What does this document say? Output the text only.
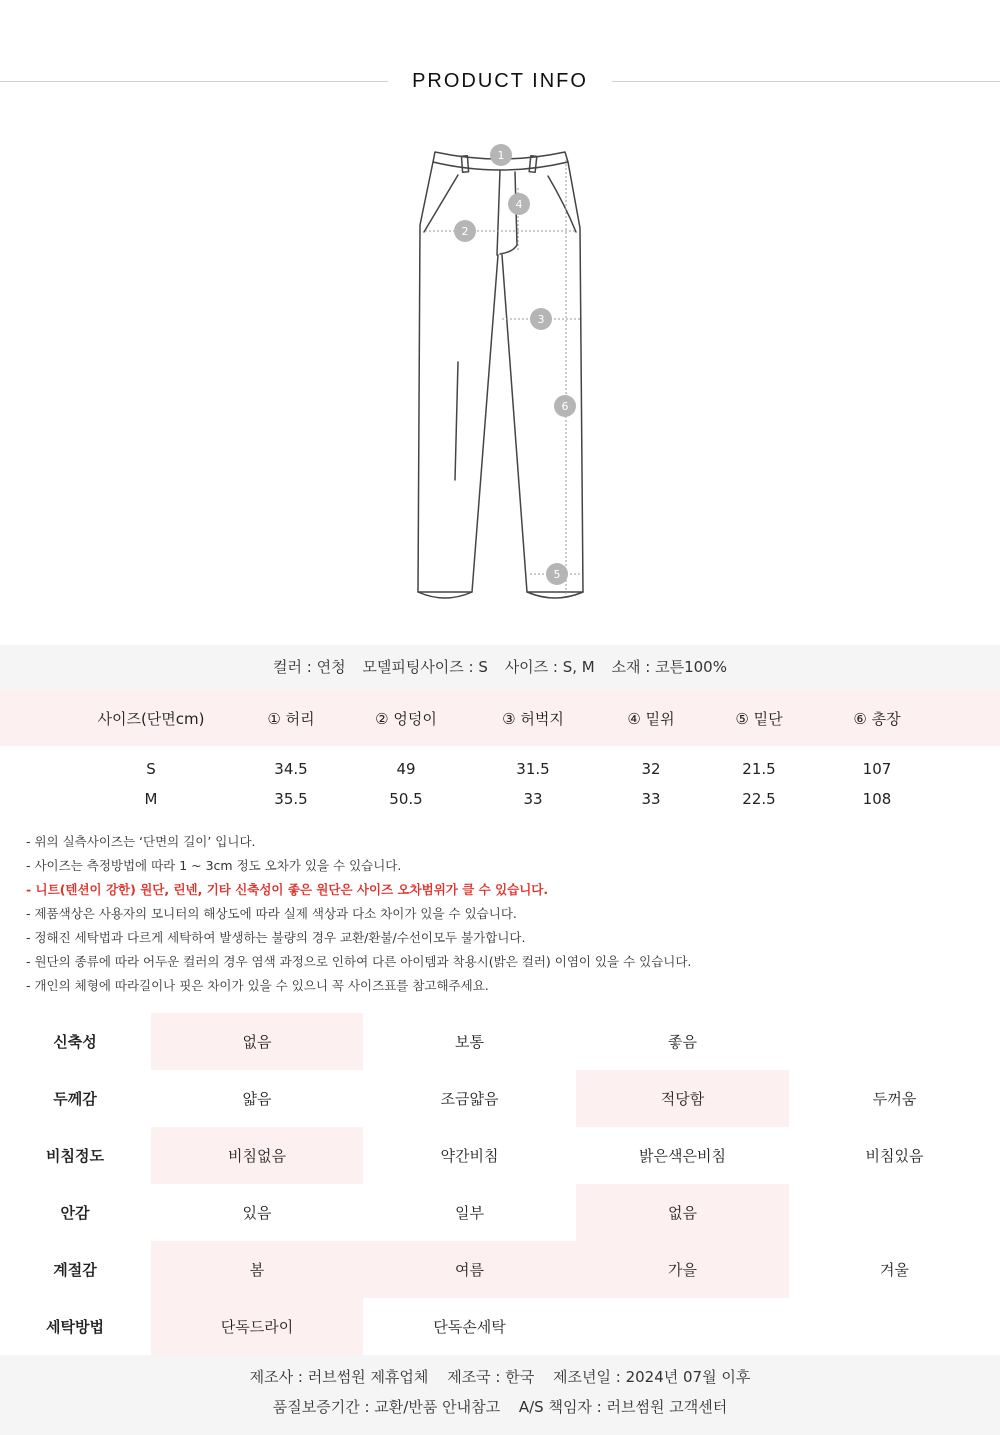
PRODUCT INFO
1
2
3
4
5
6
컬러 : 연청 모델피팅사이즈 : S 사이즈 : S, M 소재 : 코튼100%
사이즈(단면cm)	① 허리	② 엉덩이	③ 허벅지	④ 밑위	⑤ 밑단	⑥ 총장
S	34.5	49	31.5	32	21.5	107
M	35.5	50.5	33	33	22.5	108
- 위의 실측사이즈는 ‘단면의 길이’ 입니다.
- 사이즈는 측정방법에 따라 1 ~ 3cm 정도 오차가 있을 수 있습니다.
- 니트(텐션이 강한) 원단, 린넨, 기타 신축성이 좋은 원단은 사이즈 오차범위가 클 수 있습니다.
- 제품색상은 사용자의 모니터의 해상도에 따라 실제 색상과 다소 차이가 있을 수 있습니다.
- 정해진 세탁법과 다르게 세탁하여 발생하는 불량의 경우 교환/환불/수선이모두 불가합니다.
- 원단의 종류에 따라 어두운 컬러의 경우 염색 과정으로 인하여 다른 아이템과 착용시(밝은 컬러) 이염이 있을 수 있습니다.
- 개인의 체형에 따라길이나 핏은 차이가 있을 수 있으니 꼭 사이즈표를 참고해주세요.
신축성	없음	보통	좋음
두께감	얇음	조금얇음	적당함	두꺼움
비침정도	비침없음	약간비침	밝은색은비침	비침있음
안감	있음	일부	없음
계절감	봄	여름	가을	겨울
세탁방법	단독드라이	단독손세탁
제조사 : 러브썸원 제휴업체 제조국 : 한국 제조년일 : 2024년 07월 이후
품질보증기간 : 교환/반품 안내참고 A/S 책임자 : 러브썸원 고객센터
